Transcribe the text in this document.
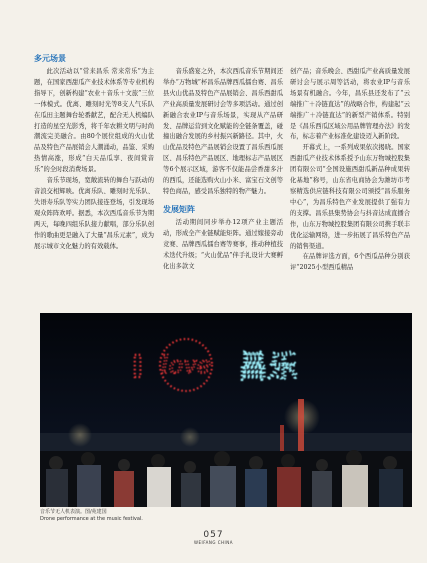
多元场景

此次活动以“常来昌乐 常来常乐”为主题，在国家西甜瓜产业技术体系等专业机构指导下，创新构建“农业＋音乐＋文旅”三位一体模式。优离、雕刻时光等8支人气乐队在瓜田主题舞台轮番献艺，配合无人机编队打造的星空光影秀，将千年农耕文明与时尚潮流完美融合。由80个展位组成的火山优品及特色产品展销会人潮涌动，品鉴、采购热情高涨，形成“白天品瓜享、夜间赏音乐”的全时段消费场景。

音乐节现场，宽敞流转的舞台与跃动的音浪交相辉映。优离乐队、雕刻时光乐队、失语寿乐队等实力团队接连登场，引发现场观众阵阵欢呼。据悉，本次西瓜音乐节为期两天，每晚四组乐队接力献唱，部分乐队创作的歌曲更是融入了大量“昌乐元素”，成为展示城市文化魅力的有效载体。

音乐盛宴之外，本次西瓜音乐节期间还举办“万物城”杯昌乐品牌西瓜擂台赛、昌乐县火山优品及特色产品展销会、昌乐西甜瓜产业高质量发展研讨会等多项活动。通过创新融合农业IP与音乐场景，实现从产品研发、品牌运营到文化赋能的全链条覆盖，碰撞出融合发展的乡村振兴新路径。其中，火山优品及特色产品展销会设置了昌乐西瓜展区、昌乐特色产品展区、地理标志产品展区等6个展示区域，游客不仅能品尝香甜多汁的西瓜，还能选购火山小米、富宝石文创等特色商品，感受昌乐独特的物产魅力。

发展矩阵

活动期间同步举办12项产业主题活动，形成全产业链赋能矩阵。通过嫁接旁动竞赛、品牌西瓜擂台赛等赛事，推动种植技术迭代升级；“火山优品”伴手礼设计大赛孵化出多款文

创产品；音乐晚会、西甜瓜产业高质量发展研讨会与展示周等活动，将农业IP与音乐场景有机融合。今年，昌乐县还发布了“云端推广＋冷链直达”的战略合作，构建起“云端推广＋冷链直达”的新型产销体系。特别是《昌乐西瓜区域公用品牌管理办法》的发布，标志着产业标准化建设迈入新阶段。

开幕式上，一系列成果依次揭晓。国家西甜瓜产业技术体系授予山东万物城控股集团有限公司“全国设施西甜瓜新品种成果转化基地”称号，山东省电商协会为潍坊市考察精选供应链科技有限公司颁授“昌乐服务中心”，为昌乐特色产业发展提供了强有力的支撑。昌乐县集势协会与抖音达成直播合作，山东万物城控股集团有限公司携手联丰优化运输网络，进一步拓展了昌乐特色产品的销售渠道。

在品牌评选方面，6个西瓜品种分别获评“2025小型西瓜精品

I love 昌乐
音乐节无人机表演。图/苑建国
Drone performance at the music festival.
057
WEIFANG CHINA
